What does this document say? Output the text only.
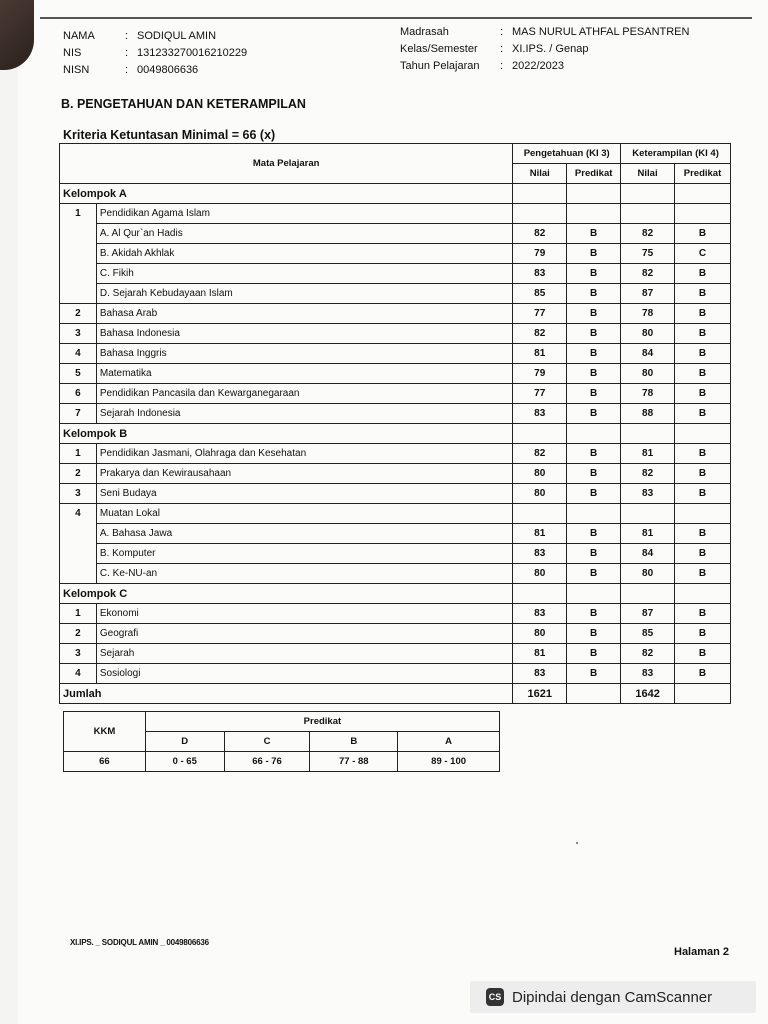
NAMA	: SODIQUL AMIN
NIS	: 131233270016210229
NISN	: 0049806636
Madrasah	: MAS NURUL ATHFAL PESANTREN
Kelas/Semester	: XI.IPS. / Genap
Tahun Pelajaran	: 2022/2023
B. PENGETAHUAN DAN KETERAMPILAN
Kriteria Ketuntasan Minimal = 66 (x)
Mata Pelajaran		Pengetahuan (KI 3)		Keterampilan (KI 4)	
		Nilai	Predikat	Nilai	Predikat
Kelompok A					
1	Pendidikan Agama Islam				
	A. Al Qur`an Hadis	82	B	82	B
	B. Akidah Akhlak	79	B	75	C
	C. Fikih	83	B	82	B
	D. Sejarah Kebudayaan Islam	85	B	87	B
2	Bahasa Arab	77	B	78	B
3	Bahasa Indonesia	82	B	80	B
4	Bahasa Inggris	81	B	84	B
5	Matematika	79	B	80	B
6	Pendidikan Pancasila dan Kewarganegaraan	77	B	78	B
7	Sejarah Indonesia	83	B	88	B
Kelompok B					
1	Pendidikan Jasmani, Olahraga dan Kesehatan	82	B	81	B
2	Prakarya dan Kewirausahaan	80	B	82	B
3	Seni Budaya	80	B	83	B
4	Muatan Lokal				
	A. Bahasa Jawa	81	B	81	B
	B. Komputer	83	B	84	B
	C. Ke-NU-an	80	B	80	B
Kelompok C					
1	Ekonomi	83	B	87	B
2	Geografi	80	B	85	B
3	Sejarah	81	B	82	B
4	Sosiologi	83	B	83	B
Jumlah		1621		1642	
KKM	Predikat			
	D	C	B	A
66	0 - 65	66 - 76	77 - 88	89 - 100
XI.IPS. _ SODIQUL AMIN _ 0049806636
Halaman 2
CS Dipindai dengan CamScanner
